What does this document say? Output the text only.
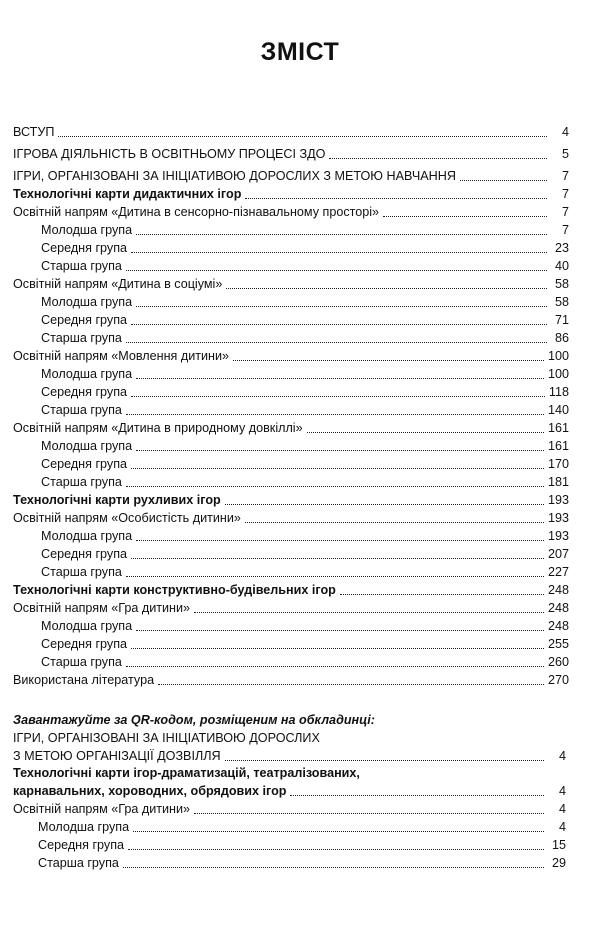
ЗМІСТ
ВСТУП	4
ІГРОВА ДІЯЛЬНІСТЬ В ОСВІТНЬОМУ ПРОЦЕСІ ЗДО	5
ІГРИ, ОРГАНІЗОВАНІ ЗА ІНІЦІАТИВОЮ ДОРОСЛИХ З МЕТОЮ НАВЧАННЯ	7
Технологічні карти дидактичних ігор	7
Освітній напрям «Дитина в сенсорно-пізнавальному просторі»	7
Молодша група	7
Середня група	23
Старша група	40
Освітній напрям «Дитина в соціумі»	58
Молодша група	58
Середня група	71
Старша група	86
Освітній напрям «Мовлення дитини»	100
Молодша група	100
Середня група	118
Старша група	140
Освітній напрям «Дитина в природному довкіллі»	161
Молодша група	161
Середня група	170
Старша група	181
Технологічні карти рухливих ігор	193
Освітній напрям «Особистість дитини»	193
Молодша група	193
Середня група	207
Старша група	227
Технологічні карти конструктивно-будівельних ігор	248
Освітній напрям «Гра дитини»	248
Молодша група	248
Середня група	255
Старша група	260
Використана література	270
Завантажуйте за QR-кодом, розміщеним на обкладинці:
ІГРИ, ОРГАНІЗОВАНІ ЗА ІНІЦІАТИВОЮ ДОРОСЛИХ
З МЕТОЮ ОРГАНІЗАЦІЇ ДОЗВІЛЛЯ	4
Технологічні карти ігор-драматизацій, театралізованих,
карнавальних, хороводних, обрядових ігор	4
Освітній напрям «Гра дитини»	4
Молодша група	4
Середня група	15
Старша група	29
